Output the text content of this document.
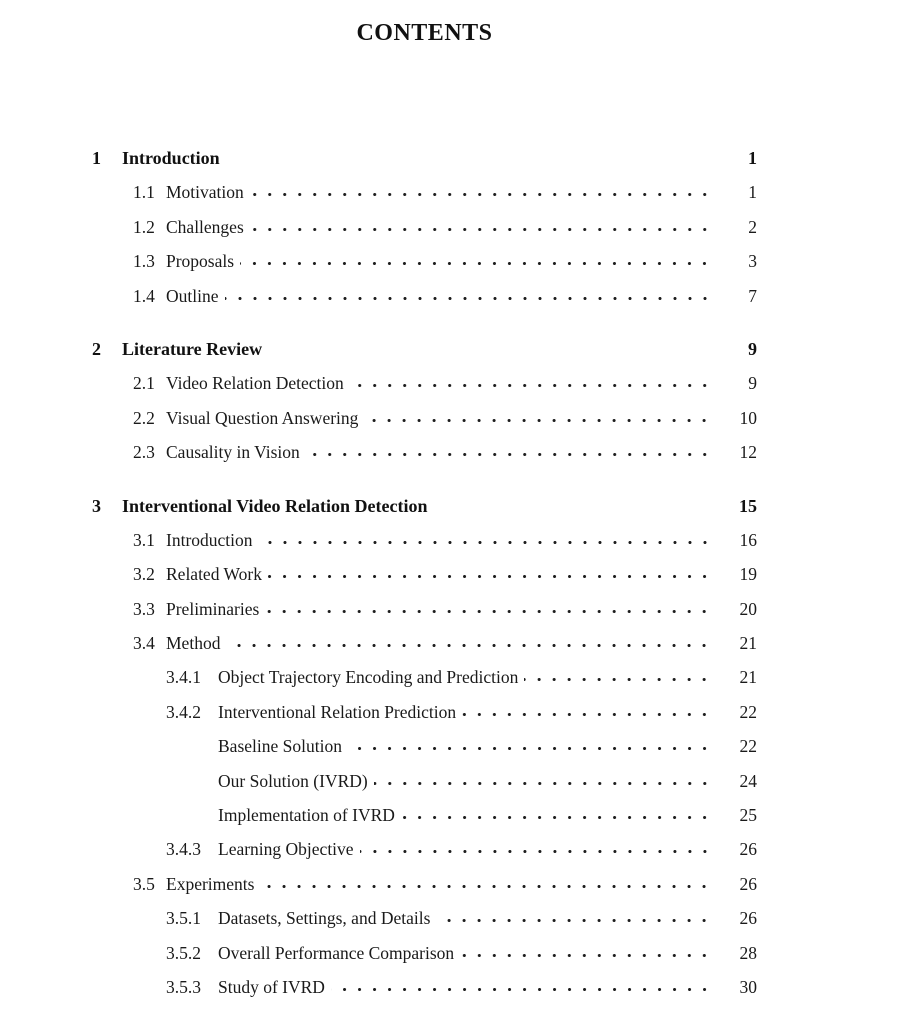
CONTENTS
1	Introduction	1
1.1 Motivation	1
1.2 Challenges	2
1.3 Proposals	3
1.4 Outline	7
2	Literature Review	9
2.1 Video Relation Detection	9
2.2 Visual Question Answering	10
2.3 Causality in Vision	12
3	Interventional Video Relation Detection	15
3.1 Introduction	16
3.2 Related Work	19
3.3 Preliminaries	20
3.4 Method	21
3.4.1 Object Trajectory Encoding and Prediction	21
3.4.2 Interventional Relation Prediction	22
Baseline Solution	22
Our Solution (IVRD)	24
Implementation of IVRD	25
3.4.3 Learning Objective	26
3.5 Experiments	26
3.5.1 Datasets, Settings, and Details	26
3.5.2 Overall Performance Comparison	28
3.5.3 Study of IVRD	30
